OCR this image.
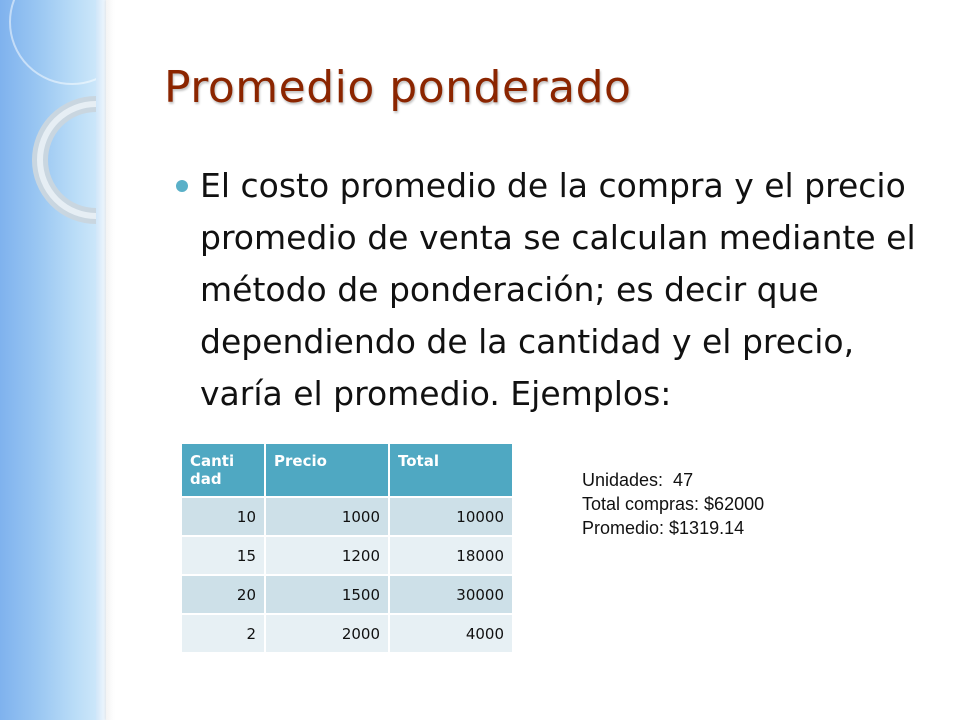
Promedio ponderado

El costo promedio de la compra y el precio promedio de venta se calculan mediante el método de ponderación; es decir que dependiendo de la cantidad y el precio, varía el promedio. Ejemplos:

Canti
dad	Precio	Total
10	1000	10000
15	1200	18000
20	1500	30000
2	2000	4000
Unidades:  47
Total compras: $62000
Promedio: $1319.14
